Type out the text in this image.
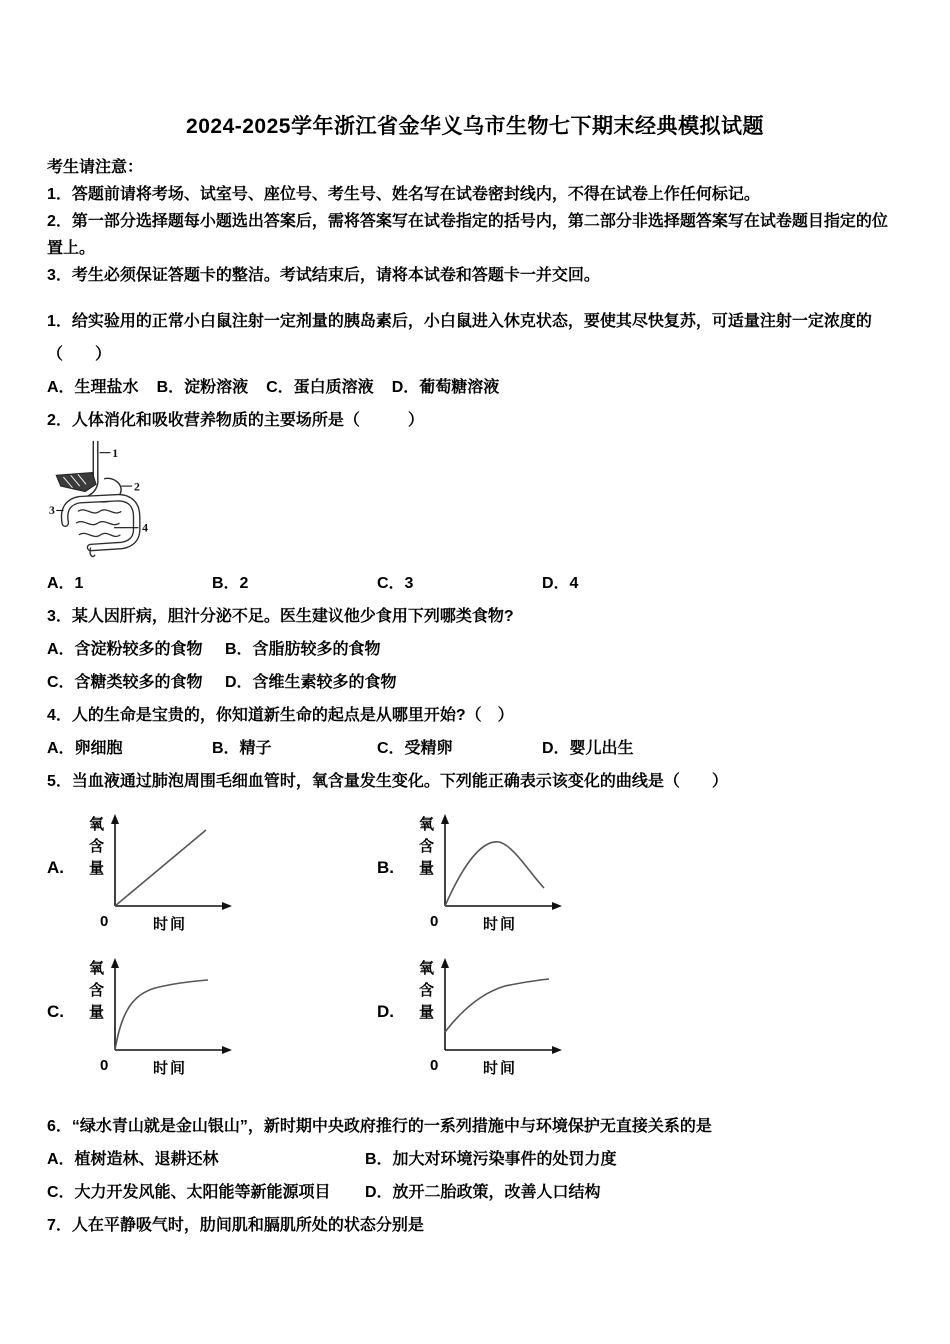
2024-2025学年浙江省金华义乌市生物七下期末经典模拟试题

考生请注意：

1．答题前请将考场、试室号、座位号、考生号、姓名写在试卷密封线内，不得在试卷上作任何标记。

2．第一部分选择题每小题选出答案后，需将答案写在试卷指定的括号内，第二部分非选择题答案写在试卷题目指定的位置上。

3．考生必须保证答题卡的整洁。考试结束后，请将本试卷和答题卡一并交回。

1．给实验用的正常小白鼠注射一定剂量的胰岛素后，小白鼠进入休克状态，要使其尽快复苏，可适量注射一定浓度的（　　）

A．生理盐水 B．淀粉溶液 C．蛋白质溶液 D．葡萄糖溶液

2．人体消化和吸收营养物质的主要场所是（　　　）

1
2
3
4
A．1	B．2	C．3	D．4

3．某人因肝病，胆汁分泌不足。医生建议他少食用下列哪类食物?

A．含淀粉较多的食物	B．含脂肪较多的食物
C．含糖类较多的食物	D．含维生素较多的食物

4．人的生命是宝贵的，你知道新生命的起点是从哪里开始?（　）

A．卵细胞	B．精子	C．受精卵	D．婴儿出生

5．当血液通过肺泡周围毛细血管时，氧含量发生变化。下列能正确表示该变化的曲线是（　　）

A.	氧含量
0	时间
B.	氧含量
0	时间
C.	氧含量
0	时间
D.	氧含量
0	时间

6．“绿水青山就是金山银山”，新时期中央政府推行的一系列措施中与环境保护无直接关系的是

A．植树造林、退耕还林	B．加大对环境污染事件的处罚力度
C．大力开发风能、太阳能等新能源项目	D．放开二胎政策，改善人口结构

7．人在平静吸气时，肋间肌和膈肌所处的状态分别是
